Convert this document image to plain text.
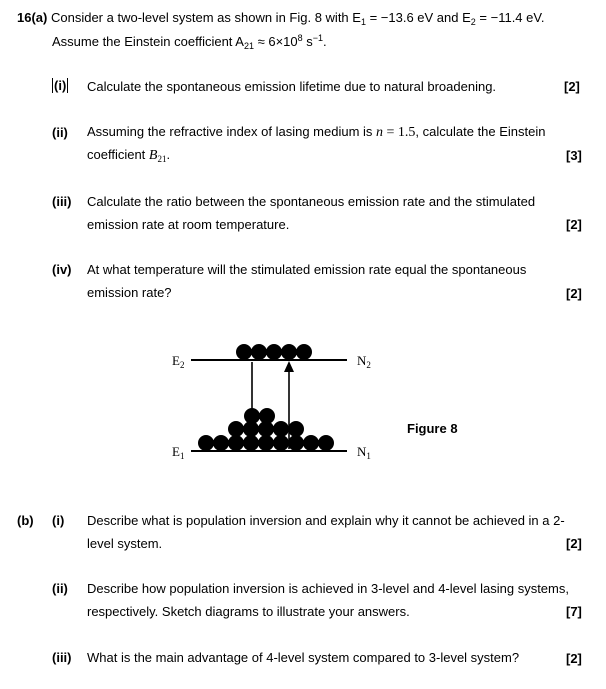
16(a) Consider a two-level system as shown in Fig. 8 with $E_1 = -13.6$ eV and $E_2 = -11.4$ eV.
Assume the Einstein coefficient $A_{21} \approx 6\times 10^8$ $s^{-1}$.
(i) Calculate the spontaneous emission lifetime due to natural broadening.	[2]
(ii) Assuming the refractive index of lasing medium is n = 1.5, calculate the Einstein
coefficient $B_{21}$.	[3]
(iii) Calculate the ratio between the spontaneous emission rate and the stimulated
emission rate at room temperature.	[2]
(iv) At what temperature will the stimulated emission rate equal the spontaneous
emission rate?	[2]
$E_2$
$E_1$
$N_2$
$N_1$
Figure 8
(b) (i) Describe what is population inversion and explain why it cannot be achieved in a 2-
level system.	[2]
(ii) Describe how population inversion is achieved in 3-level and 4-level lasing systems,
respectively. Sketch diagrams to illustrate your answers.	[7]
(iii) What is the main advantage of 4-level system compared to 3-level system?	[2]
